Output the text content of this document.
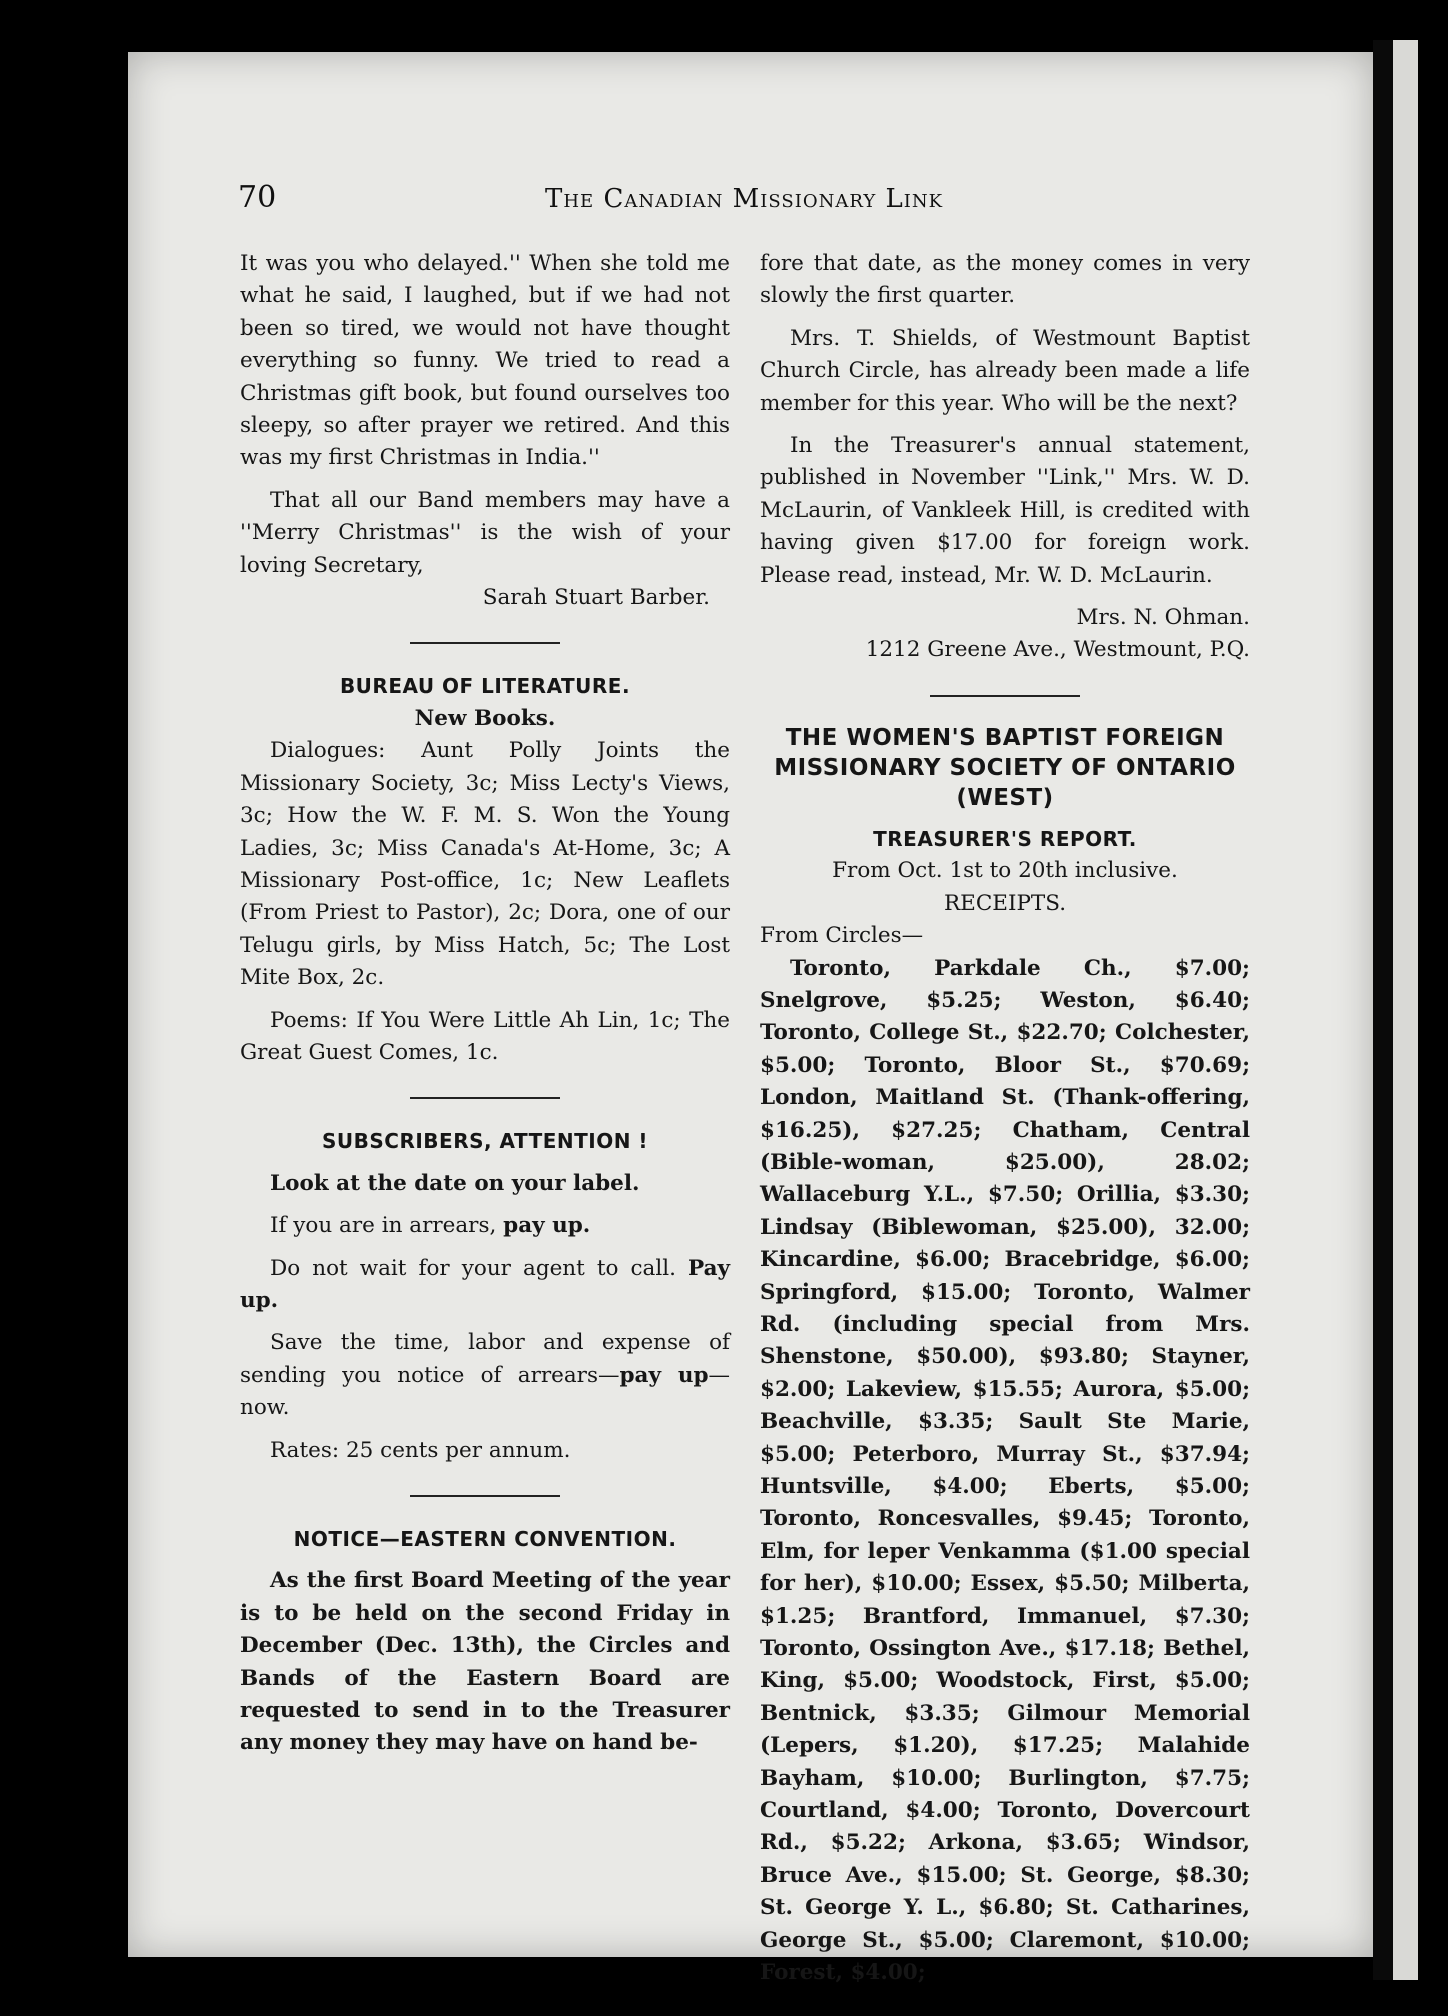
70	The Canadian Missionary Link

It was you who delayed.'' When she told me what he said, I laughed, but if we had not been so tired, we would not have thought everything so funny. We tried to read a Christmas gift book, but found ourselves too sleepy, so after prayer we retired. And this was my first Christmas in India.''

That all our Band members may have a ''Merry Christmas'' is the wish of your loving Secretary,

Sarah Stuart Barber.

BUREAU OF LITERATURE.

New Books.

Dialogues: Aunt Polly Joints the Missionary Society, 3c; Miss Lecty's Views, 3c; How the W. F. M. S. Won the Young Ladies, 3c; Miss Canada's At-Home, 3c; A Missionary Post-office, 1c; New Leaflets (From Priest to Pastor), 2c; Dora, one of our Telugu girls, by Miss Hatch, 5c; The Lost Mite Box, 2c.

Poems: If You Were Little Ah Lin, 1c; The Great Guest Comes, 1c.

SUBSCRIBERS, ATTENTION !

Look at the date on your label.

If you are in arrears, pay up.

Do not wait for your agent to call. Pay up.

Save the time, labor and expense of sending you notice of arrears—pay up—now.

Rates: 25 cents per annum.

NOTICE—EASTERN CONVENTION.

As the first Board Meeting of the year is to be held on the second Friday in December (Dec. 13th), the Circles and Bands of the Eastern Board are requested to send in to the Treasurer any money they may have on hand be-

fore that date, as the money comes in very slowly the first quarter.

Mrs. T. Shields, of Westmount Baptist Church Circle, has already been made a life member for this year. Who will be the next?

In the Treasurer's annual statement, published in November ''Link,'' Mrs. W. D. McLaurin, of Vankleek Hill, is credited with having given $17.00 for foreign work. Please read, instead, Mr. W. D. McLaurin.

Mrs. N. Ohman.

1212 Greene Ave., Westmount, P.Q.

THE WOMEN'S BAPTIST FOREIGN MISSIONARY SOCIETY OF ONTARIO (WEST)

TREASURER'S REPORT.

From Oct. 1st to 20th inclusive.

RECEIPTS.

From Circles—

Toronto, Parkdale Ch., $7.00; Snelgrove, $5.25; Weston, $6.40; Toronto, College St., $22.70; Colchester, $5.00; Toronto, Bloor St., $70.69; London, Maitland St. (Thank-offering, $16.25), $27.25; Chatham, Central (Bible-woman, $25.00), 28.02; Wallaceburg Y.L., $7.50; Orillia, $3.30; Lindsay (Biblewoman, $25.00), 32.00; Kincardine, $6.00; Bracebridge, $6.00; Springford, $15.00; Toronto, Walmer Rd. (including special from Mrs. Shenstone, $50.00), $93.80; Stayner, $2.00; Lakeview, $15.55; Aurora, $5.00; Beachville, $3.35; Sault Ste Marie, $5.00; Peterboro, Murray St., $37.94; Huntsville, $4.00; Eberts, $5.00; Toronto, Roncesvalles, $9.45; Toronto, Elm, for leper Venkamma ($1.00 special for her), $10.00; Essex, $5.50; Milberta, $1.25; Brantford, Immanuel, $7.30; Toronto, Ossington Ave., $17.18; Bethel, King, $5.00; Woodstock, First, $5.00; Bentnick, $3.35; Gilmour Memorial (Lepers, $1.20), $17.25; Malahide Bayham, $10.00; Burlington, $7.75; Courtland, $4.00; Toronto, Dovercourt Rd., $5.22; Arkona, $3.65; Windsor, Bruce Ave., $15.00; St. George, $8.30; St. George Y. L., $6.80; St. Catharines, George St., $5.00; Claremont, $10.00; Forest, $4.00;
